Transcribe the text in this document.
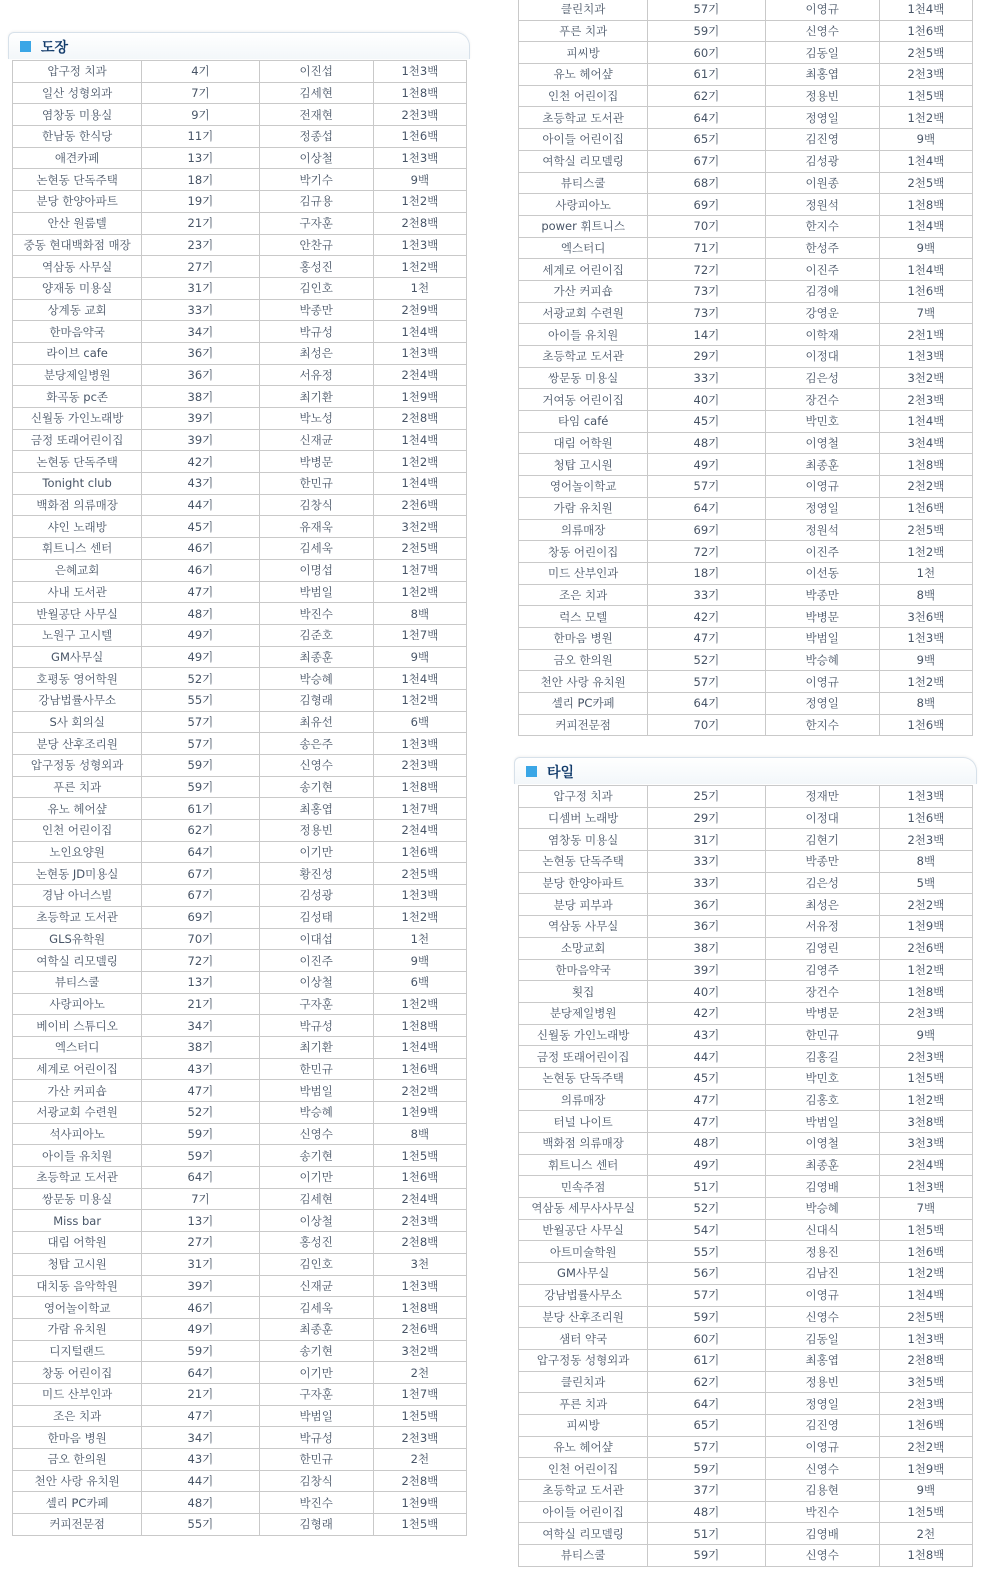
도장
압구정 치과	4기	이진섭	1천3백
일산 성형외과	7기	김세현	1천8백
염창동 미용실	9기	전재현	2천3백
한남동 한식당	11기	정종섭	1천6백
애견카페	13기	이상철	1천3백
논현동 단독주택	18기	박기수	9백
분당 한양아파트	19기	김규용	1천2백
안산 원룸텔	21기	구자훈	2천8백
중동 현대백화점 매장	23기	안찬규	1천3백
역삼동 사무실	27기	홍성진	1천2백
양재동 미용실	31기	김인호	1천
상계동 교회	33기	박종만	2천9백
한마음약국	34기	박규성	1천4백
라이브 cafe	36기	최성은	1천3백
분당제일병원	36기	서유정	2천4백
화곡동 pc존	38기	최기환	1천9백
신월동 가인노래방	39기	박노성	2천8백
금정 또래어린이집	39기	신재균	1천4백
논현동 단독주택	42기	박병문	1천2백
Tonight club	43기	한민규	1천4백
백화점 의류매장	44기	김창식	2천6백
샤인 노래방	45기	유재욱	3천2백
휘트니스 센터	46기	김세욱	2천5백
은혜교회	46기	이명섭	1천7백
사내 도서관	47기	박범일	1천2백
반월공단 사무실	48기	박진수	8백
노원구 고시텔	49기	김준호	1천7백
GM사무실	49기	최종훈	9백
호평동 영어학원	52기	박승혜	1천4백
강남법률사무소	55기	김형래	1천2백
S사 회의실	57기	최유선	6백
분당 산후조리원	57기	송은주	1천3백
압구정동 성형외과	59기	신영수	2천3백
푸른 치과	59기	송기현	1천8백
유노 헤어샾	61기	최홍엽	1천7백
인천 어린이집	62기	정용빈	2천4백
노인요양원	64기	이기만	1천6백
논현동 JD미용실	67기	황진성	2천5백
경남 아너스빌	67기	김성광	1천3백
초등학교 도서관	69기	김성태	1천2백
GLS유학원	70기	이대섭	1천
여학실 리모델링	72기	이진주	9백
뷰티스쿨	13기	이상철	6백
사랑피아노	21기	구자훈	1천2백
베이비 스튜디오	34기	박규성	1천8백
엑스터디	38기	최기환	1천4백
세계로 어린이집	43기	한민규	1천6백
가산 커피숍	47기	박범일	2천2백
서광교회 수련원	52기	박승혜	1천9백
석사피아노	59기	신영수	8백
아이들 유치원	59기	송기현	1천5백
초등학교 도서관	64기	이기만	1천6백
쌍문동 미용실	7기	김세현	2천4백
Miss bar	13기	이상철	2천3백
대림 어학원	27기	홍성진	2천8백
청탑 고시원	31기	김인호	3천
대치동 음악학원	39기	신재균	1천3백
영어놀이학교	46기	김세욱	1천8백
가람 유치원	49기	최종훈	2천6백
디지털랜드	59기	송기현	3천2백
창동 어린이집	64기	이기만	2천
미드 산부인과	21기	구자훈	1천7백
조은 치과	47기	박범일	1천5백
한마음 병원	34기	박규성	2천3백
금오 한의원	43기	한민규	2천
천안 사랑 유치원	44기	김창식	2천8백
셀리 PC카페	48기	박진수	1천9백
커피전문점	55기	김형래	1천5백
클린치과	57기	이영규	1천4백
푸른 치과	59기	신영수	1천6백
피씨방	60기	김동일	2천5백
유노 헤어샾	61기	최홍엽	2천3백
인천 어린이집	62기	정용빈	1천5백
초등학교 도서관	64기	정영일	1천2백
아이들 어린이집	65기	김진영	9백
여학실 리모델링	67기	김성광	1천4백
뷰티스쿨	68기	이원종	2천5백
사랑피아노	69기	정원석	1천8백
power 휘트니스	70기	한지수	1천4백
엑스터디	71기	한성주	9백
세계로 어린이집	72기	이진주	1천4백
가산 커피숍	73기	김경애	1천6백
서광교회 수련원	73기	강영운	7백
아이들 유치원	14기	이학재	2천1백
초등학교 도서관	29기	이정대	1천3백
쌍문동 미용실	33기	김은성	3천2백
거여동 어린이집	40기	장건수	2천3백
타임 café	45기	박민호	1천4백
대림 어학원	48기	이영철	3천4백
청탑 고시원	49기	최종훈	1천8백
영어놀이학교	57기	이영규	2천2백
가람 유치원	64기	정영일	1천6백
의류매장	69기	정원석	2천5백
창동 어린이집	72기	이진주	1천2백
미드 산부인과	18기	이선동	1천
조은 치과	33기	박종만	8백
럭스 모텔	42기	박병문	3천6백
한마음 병원	47기	박범일	1천3백
금오 한의원	52기	박승혜	9백
천안 사랑 유치원	57기	이영규	1천2백
셀리 PC카페	64기	정영일	8백
커피전문점	70기	한지수	1천6백
타일
압구정 치과	25기	정재만	1천3백
디셈버 노래방	29기	이정대	1천6백
염창동 미용실	31기	김현기	2천3백
논현동 단독주택	33기	박종만	8백
분당 한양아파트	33기	김은성	5백
분당 피부과	36기	최성은	2천2백
역삼동 사무실	36기	서유정	1천9백
소망교회	38기	김영린	2천6백
한마음약국	39기	김영주	1천2백
횟집	40기	장건수	1천8백
분당제일병원	42기	박병문	2천3백
신월동 가인노래방	43기	한민규	9백
금정 또래어린이집	44기	김홍길	2천3백
논현동 단독주택	45기	박민호	1천5백
의류매장	47기	김홍호	1천2백
터널 나이트	47기	박범일	3천8백
백화점 의류매장	48기	이영철	3천3백
휘트니스 센터	49기	최종훈	2천4백
민속주점	51기	김영배	1천3백
역삼동 세무사사무실	52기	박승혜	7백
반월공단 사무실	54기	신대식	1천5백
아트미술학원	55기	정용진	1천6백
GM사무실	56기	김남진	1천2백
강남법률사무소	57기	이영규	1천4백
분당 산후조리원	59기	신영수	2천5백
샘터 약국	60기	김동일	1천3백
압구정동 성형외과	61기	최홍엽	2천8백
클린치과	62기	정용빈	3천5백
푸른 치과	64기	정영일	2천3백
피씨방	65기	김진영	1천6백
유노 헤어샾	57기	이영규	2천2백
인천 어린이집	59기	신영수	1천9백
초등학교 도서관	37기	김용현	9백
아이들 어린이집	48기	박진수	1천5백
여학실 리모델링	51기	김영배	2천
뷰티스쿨	59기	신영수	1천8백
